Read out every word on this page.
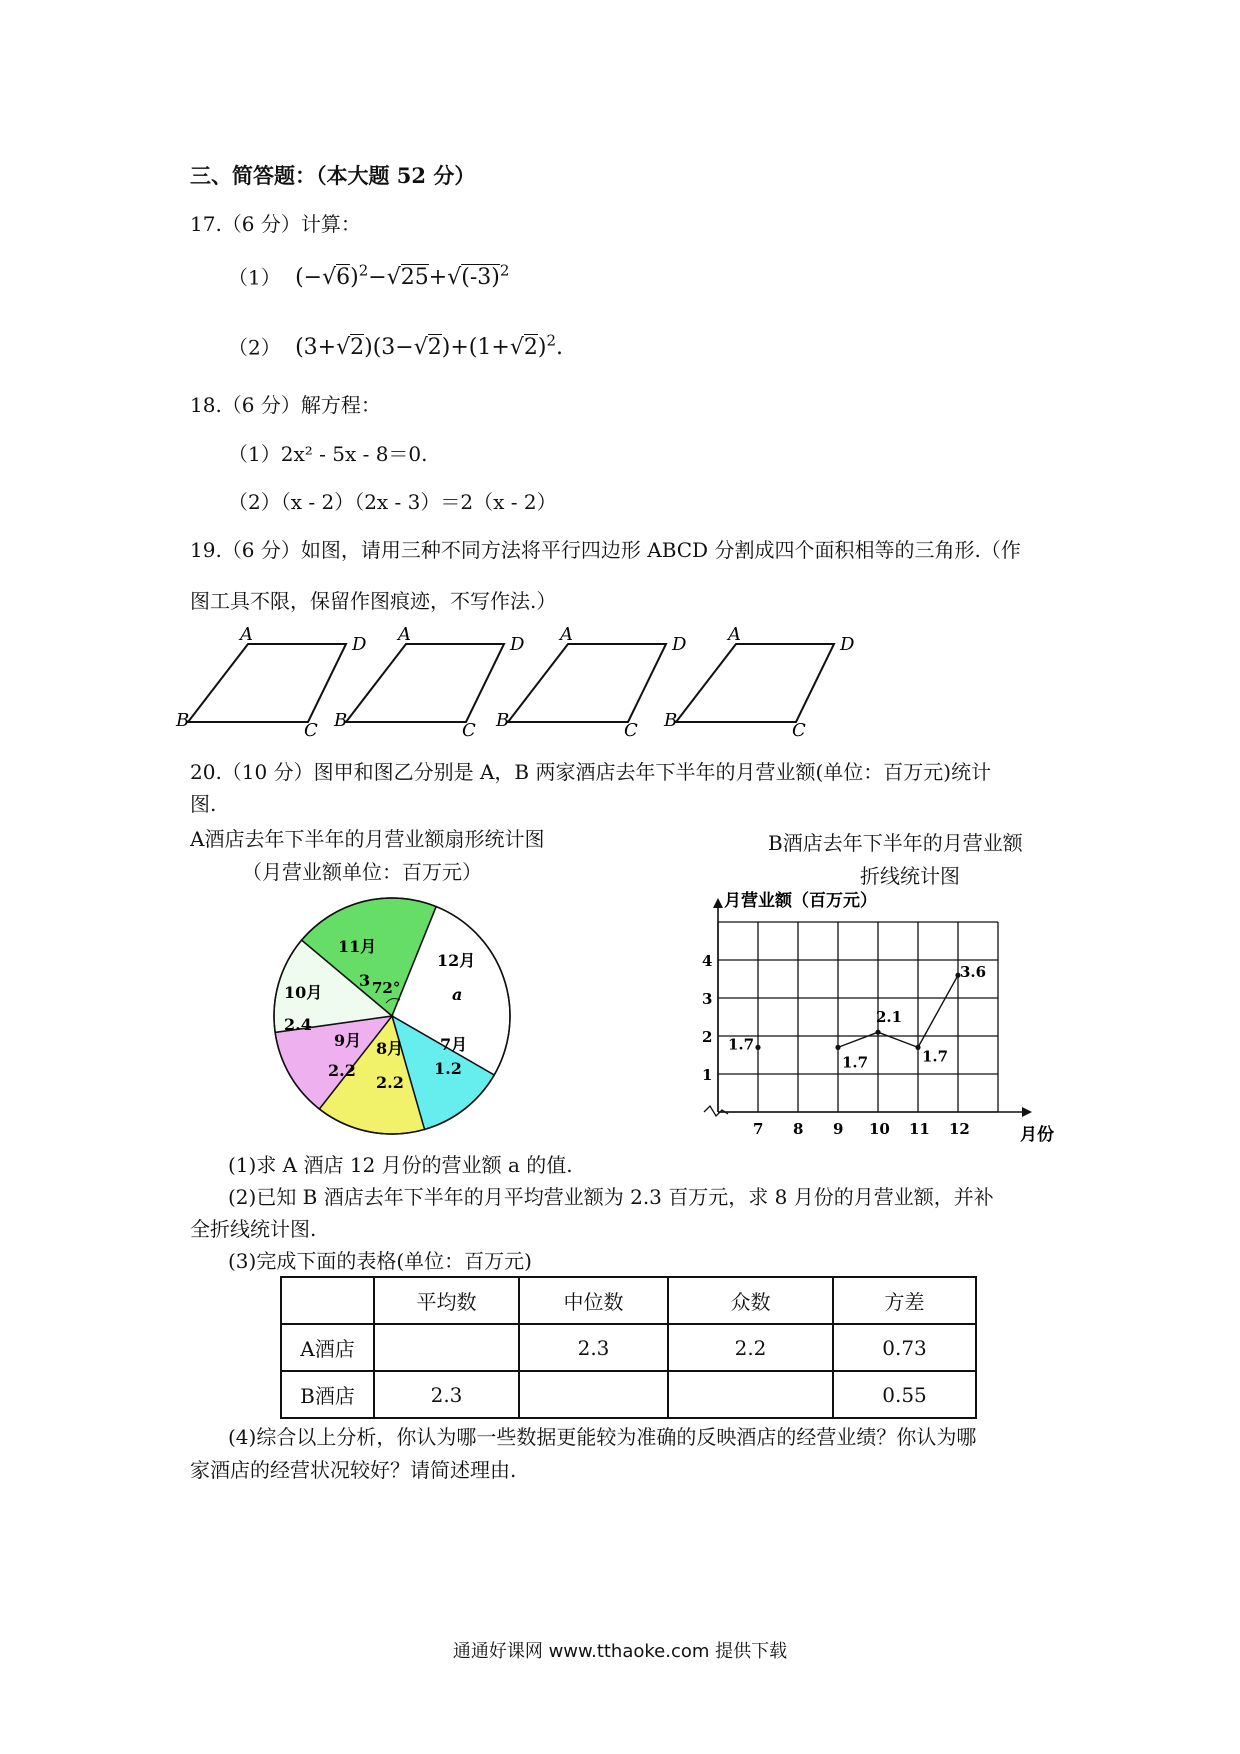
三、简答题：（本大题 52 分）
17.（6 分）计算：
（1） $(-√6)^2-√25+√(-3)^2$
（2） $(3+√2)(3-√2)+(1+√2)^2$.
18.（6 分）解方程：
（1）2x² - 5x - 8＝0.
（2）（x - 2）（2x - 3）＝2（x - 2）
19.（6 分）如图，请用三种不同方法将平行四边形 ABCD 分割成四个面积相等的三角形.（作
图工具不限，保留作图痕迹，不写作法.）
A
B	C
D A
B	C
D A
B	C
D A
B	C
D
20.（10 分）图甲和图乙分别是 A，B 两家酒店去年下半年的月营业额(单位：百万元)统计
图.
A酒店去年下半年的月营业额扇形统计图
（月营业额单位：百万元）
B酒店去年下半年的月营业额
折线统计图
11月
3
12月
a
7月
1.2
8月
2.2
9月
2.2
10月
2.4
72°
月营业额（百万元）
月份
1
2
3
4
7 8 9 10 11 12
1.7
1.7
2.1
1.7
3.6
(1)求 A 酒店 12 月份的营业额 a 的值.
(2)已知 B 酒店去年下半年的月平均营业额为 2.3 百万元，求 8 月份的月营业额，并补
全折线统计图.
(3)完成下面的表格(单位：百万元)
	平均数	中位数	众数	方差
A酒店		2.3	2.2	0.73
B酒店	2.3			0.55
(4)综合以上分析，你认为哪一些数据更能较为准确的反映酒店的经营业绩？你认为哪
家酒店的经营状况较好？请简述理由.
通通好课网 www.tthaoke.com 提供下载
